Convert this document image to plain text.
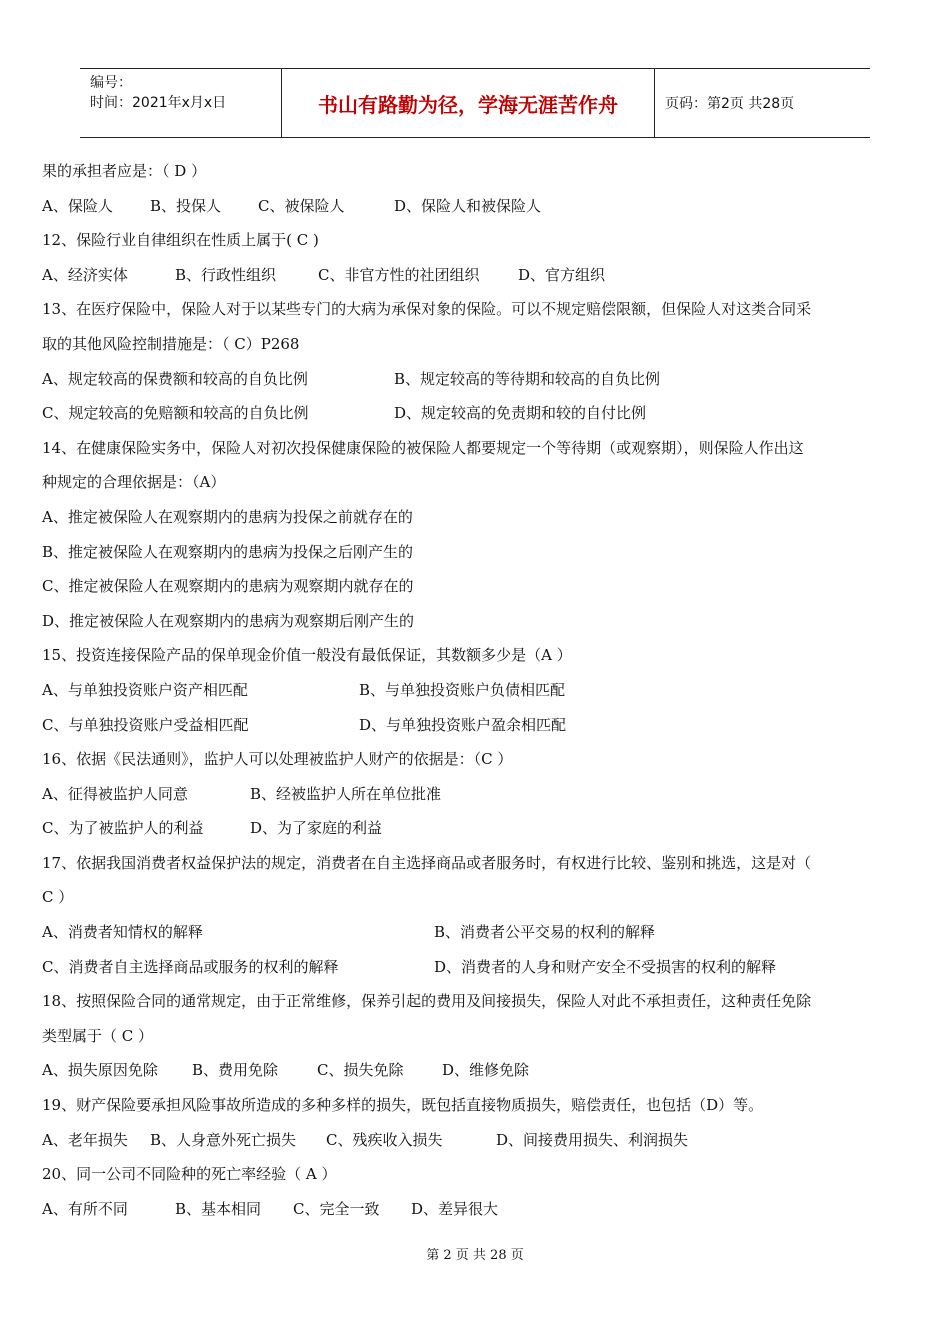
编号：
时间：2021年x月x日	书山有路勤为径，学海无涯苦作舟	页码：第2页 共28页
果的承担者应是：（ D ）
A、保险人 B、投保人 C、被保险人	D、保险人和被保险人
12、保险行业自律组织在性质上属于( C )
A、经济实体	B、行政性组织	C、非官方性的社团组织	D、官方组织
13、在医疗保险中，保险人对于以某些专门的大病为承保对象的保险。可以不规定赔偿限额，但保险人对这类合同采
取的其他风险控制措施是：（ C）P268
A、规定较高的保费额和较高的自负比例	B、规定较高的等待期和较高的自负比例
C、规定较高的免赔额和较高的自负比例	D、规定较高的免责期和较的自付比例
14、在健康保险实务中，保险人对初次投保健康保险的被保险人都要规定一个等待期（或观察期），则保险人作出这
种规定的合理依据是：（A）
A、推定被保险人在观察期内的患病为投保之前就存在的
B、推定被保险人在观察期内的患病为投保之后刚产生的
C、推定被保险人在观察期内的患病为观察期内就存在的
D、推定被保险人在观察期内的患病为观察期后刚产生的
15、投资连接保险产品的保单现金价值一般没有最低保证，其数额多少是（A ）
A、与单独投资账户资产相匹配	B、与单独投资账户负债相匹配
C、与单独投资账户受益相匹配	D、与单独投资账户盈余相匹配
16、依据《民法通则》，监护人可以处理被监护人财产的依据是：（C ）
A、征得被监护人同意	B、经被监护人所在单位批准
C、为了被监护人的利益	D、为了家庭的利益
17、依据我国消费者权益保护法的规定，消费者在自主选择商品或者服务时，有权进行比较、鉴别和挑选，这是对（
C ）
A、消费者知情权的解释	B、消费者公平交易的权利的解释
C、消费者自主选择商品或服务的权利的解释	D、消费者的人身和财产安全不受损害的权利的解释
18、按照保险合同的通常规定，由于正常维修，保养引起的费用及间接损失，保险人对此不承担责任，这种责任免除
类型属于（ C ）
A、损失原因免除 B、费用免除	C、损失免除	D、维修免除
19、财产保险要承担风险事故所造成的多种多样的损失，既包括直接物质损失，赔偿责任，也包括（D）等。
A、老年损失 B、人身意外死亡损失 C、残疾收入损失	D、间接费用损失、利润损失
20、同一公司不同险种的死亡率经验（ A ）
A、有所不同	B、基本相同 C、完全一致 D、差异很大
第 2 页 共 28 页
